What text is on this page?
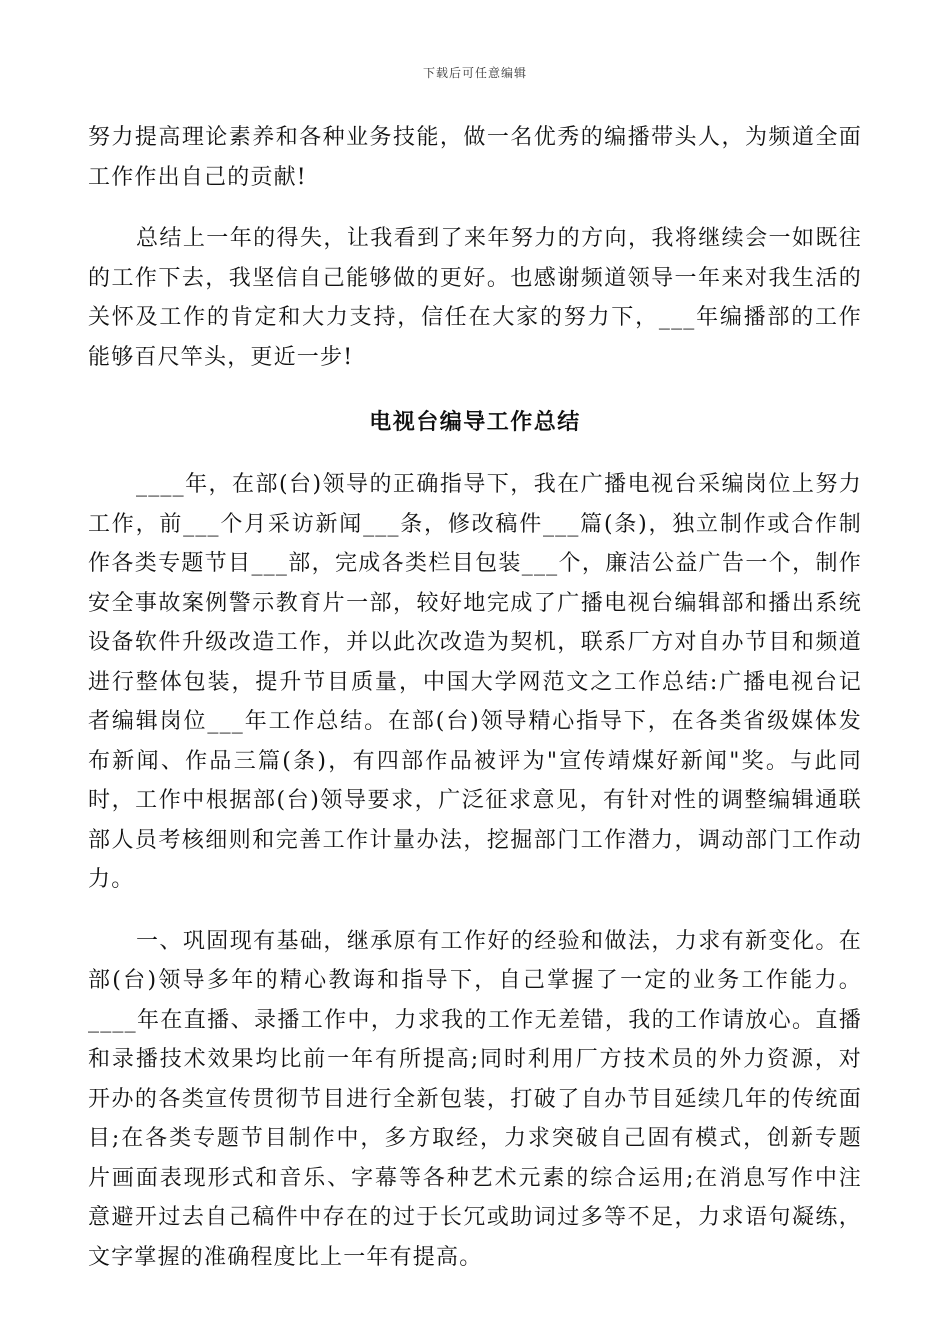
下载后可任意编辑

努力提高理论素养和各种业务技能，做一名优秀的编播带头人，为频道全面工作作出自己的贡献!

总结上一年的得失，让我看到了来年努力的方向，我将继续会一如既往的工作下去，我坚信自己能够做的更好。也感谢频道领导一年来对我生活的关怀及工作的肯定和大力支持，信任在大家的努力下，___年编播部的工作能够百尺竿头，更近一步!

电视台编导工作总结

____年，在部(台)领导的正确指导下，我在广播电视台采编岗位上努力工作，前___个月采访新闻___条，修改稿件___篇(条)，独立制作或合作制作各类专题节目___部，完成各类栏目包装___个，廉洁公益广告一个，制作安全事故案例警示教育片一部，较好地完成了广播电视台编辑部和播出系统设备软件升级改造工作，并以此次改造为契机，联系厂方对自办节目和频道进行整体包装，提升节目质量，中国大学网范文之工作总结:广播电视台记者编辑岗位___年工作总结。在部(台)领导精心指导下，在各类省级媒体发布新闻、作品三篇(条)，有四部作品被评为"宣传靖煤好新闻"奖。与此同时，工作中根据部(台)领导要求，广泛征求意见，有针对性的调整编辑通联部人员考核细则和完善工作计量办法，挖掘部门工作潜力，调动部门工作动力。

一、巩固现有基础，继承原有工作好的经验和做法，力求有新变化。在部(台)领导多年的精心教诲和指导下，自己掌握了一定的业务工作能力。____年在直播、录播工作中，力求我的工作无差错，我的工作请放心。直播和录播技术效果均比前一年有所提高;同时利用厂方技术员的外力资源，对开办的各类宣传贯彻节目进行全新包装，打破了自办节目延续几年的传统面目;在各类专题节目制作中，多方取经，力求突破自己固有模式，创新专题片画面表现形式和音乐、字幕等各种艺术元素的综合运用;在消息写作中注意避开过去自己稿件中存在的过于长冗或助词过多等不足，力求语句凝练，文字掌握的准确程度比上一年有提高。
